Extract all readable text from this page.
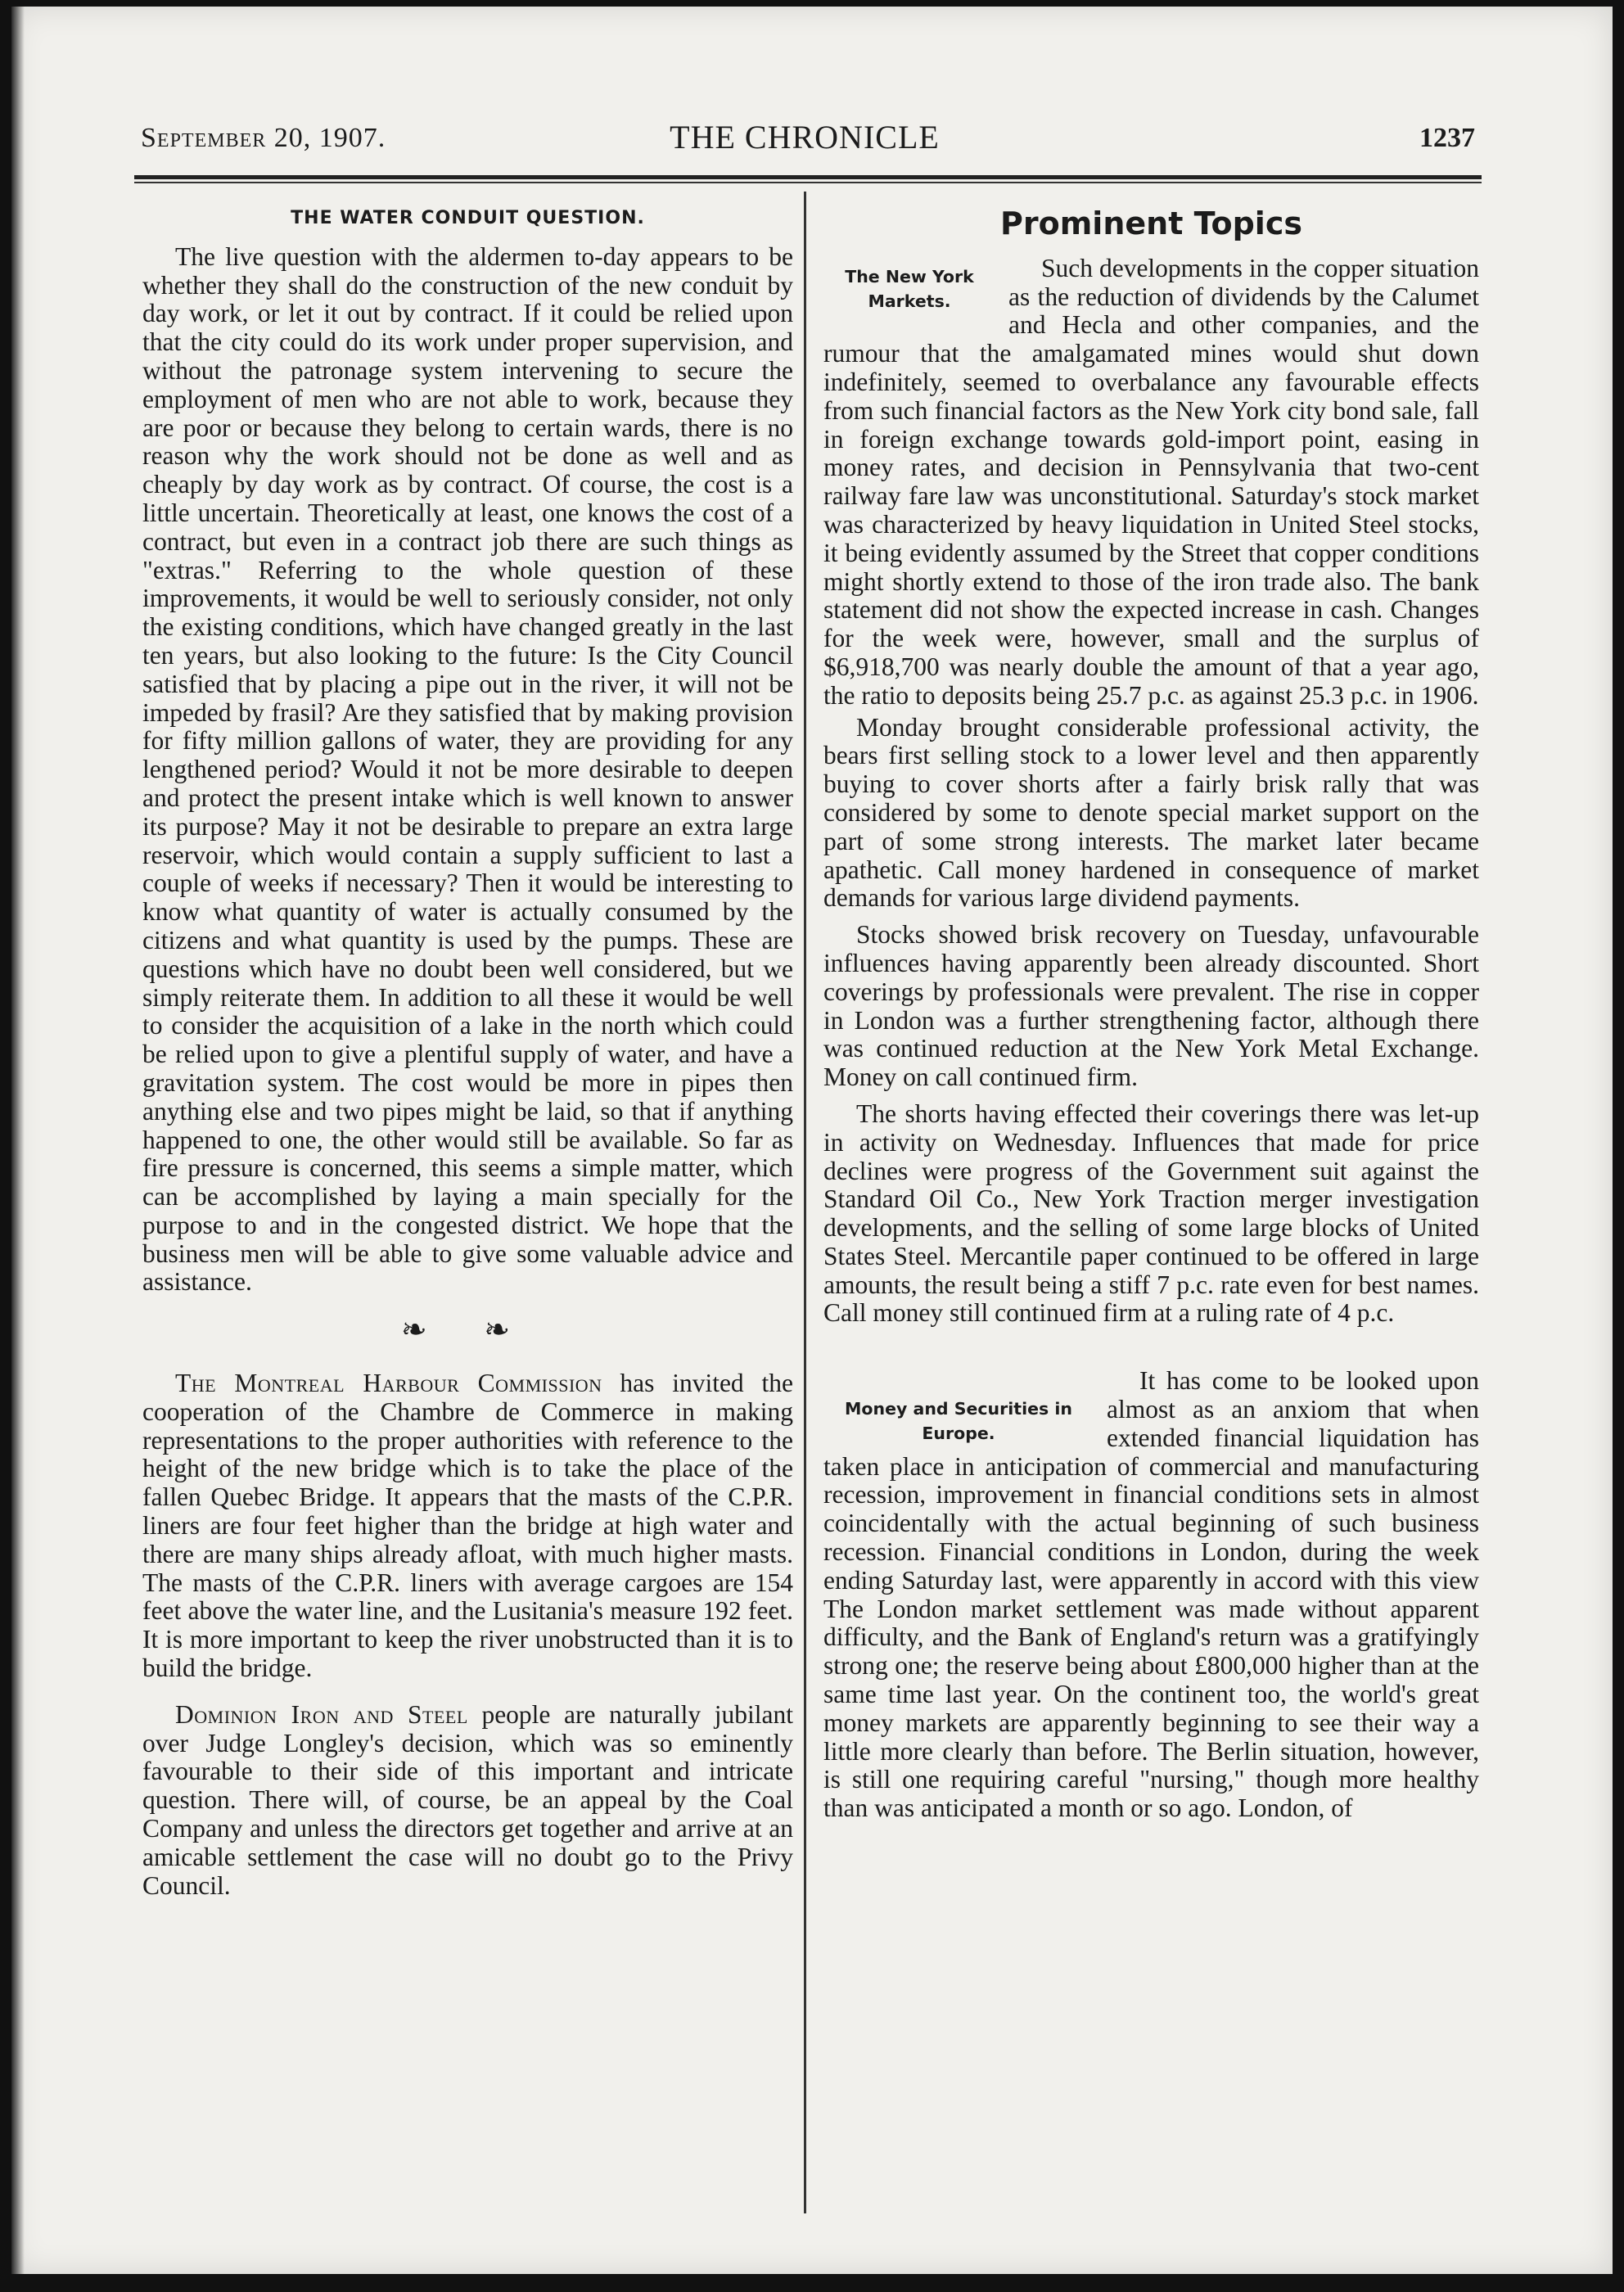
September 20, 1907.	THE CHRONICLE	1237
THE WATER CONDUIT QUESTION.

The live question with the aldermen to-day appears to be whether they shall do the construction of the new conduit by day work, or let it out by contract. If it could be relied upon that the city could do its work under proper supervision, and without the patronage system intervening to secure the employment of men who are not able to work, because they are poor or because they belong to certain wards, there is no reason why the work should not be done as well and as cheaply by day work as by contract. Of course, the cost is a little uncertain. Theoretically at least, one knows the cost of a contract, but even in a contract job there are such things as "extras." Referring to the whole question of these improvements, it would be well to seriously consider, not only the existing conditions, which have changed greatly in the last ten years, but also looking to the future: Is the City Council satisfied that by placing a pipe out in the river, it will not be impeded by frasil? Are they satisfied that by making provision for fifty million gallons of water, they are providing for any lengthened period? Would it not be more desirable to deepen and protect the present intake which is well known to answer its purpose? May it not be desirable to prepare an extra large reservoir, which would contain a supply sufficient to last a couple of weeks if necessary? Then it would be interesting to know what quantity of water is actually consumed by the citizens and what quantity is used by the pumps. These are questions which have no doubt been well considered, but we simply reiterate them. In addition to all these it would be well to consider the acquisition of a lake in the north which could be relied upon to give a plentiful supply of water, and have a gravitation system. The cost would be more in pipes then anything else and two pipes might be laid, so that if anything happened to one, the other would still be available. So far as fire pressure is concerned, this seems a simple matter, which can be accomplished by laying a main specially for the purpose to and in the congested district. We hope that the business men will be able to give some valuable advice and assistance.

❧ ❧

The Montreal Harbour Commission has invited the cooperation of the Chambre de Commerce in making representations to the proper authorities with reference to the height of the new bridge which is to take the place of the fallen Quebec Bridge. It appears that the masts of the C.P.R. liners are four feet higher than the bridge at high water and there are many ships already afloat, with much higher masts. The masts of the C.P.R. liners with average cargoes are 154 feet above the water line, and the Lusitania's measure 192 feet. It is more important to keep the river unobstructed than it is to build the bridge.

Dominion Iron and Steel people are naturally jubilant over Judge Longley's decision, which was so eminently favourable to their side of this important and intricate question. There will, of course, be an appeal by the Coal Company and unless the directors get together and arrive at an amicable settlement the case will no doubt go to the Privy Council.

Prominent Topics
The New York Markets.

Such developments in the copper situation as the reduction of dividends by the Calumet and Hecla and other companies, and the rumour that the amalgamated mines would shut down indefinitely, seemed to overbalance any favourable effects from such financial factors as the New York city bond sale, fall in foreign exchange towards gold-import point, easing in money rates, and decision in Pennsylvania that two-cent railway fare law was unconstitutional. Saturday's stock market was characterized by heavy liquidation in United Steel stocks, it being evidently assumed by the Street that copper conditions might shortly extend to those of the iron trade also. The bank statement did not show the expected increase in cash. Changes for the week were, however, small and the surplus of $6,918,700 was nearly double the amount of that a year ago, the ratio to deposits being 25.7 p.c. as against 25.3 p.c. in 1906.

Monday brought considerable professional activity, the bears first selling stock to a lower level and then apparently buying to cover shorts after a fairly brisk rally that was considered by some to denote special market support on the part of some strong interests. The market later became apathetic. Call money hardened in consequence of market demands for various large dividend payments.

Stocks showed brisk recovery on Tuesday, unfavourable influences having apparently been already discounted. Short coverings by professionals were prevalent. The rise in copper in London was a further strengthening factor, although there was continued reduction at the New York Metal Exchange. Money on call continued firm.

The shorts having effected their coverings there was let-up in activity on Wednesday. Influences that made for price declines were progress of the Government suit against the Standard Oil Co., New York Traction merger investigation developments, and the selling of some large blocks of United States Steel. Mercantile paper continued to be offered in large amounts, the result being a stiff 7 p.c. rate even for best names. Call money still continued firm at a ruling rate of 4 p.c.

Money and Securities in Europe.

It has come to be looked upon almost as an anxiom that when extended financial liquidation has taken place in anticipation of commercial and manufacturing recession, improvement in financial conditions sets in almost coincidentally with the actual beginning of such business recession. Financial conditions in London, during the week ending Saturday last, were apparently in accord with this view The London market settlement was made without apparent difficulty, and the Bank of England's return was a gratifyingly strong one; the reserve being about £800,000 higher than at the same time last year. On the continent too, the world's great money markets are apparently beginning to see their way a little more clearly than before. The Berlin situation, however, is still one requiring careful "nursing," though more healthy than was anticipated a month or so ago. London, of
